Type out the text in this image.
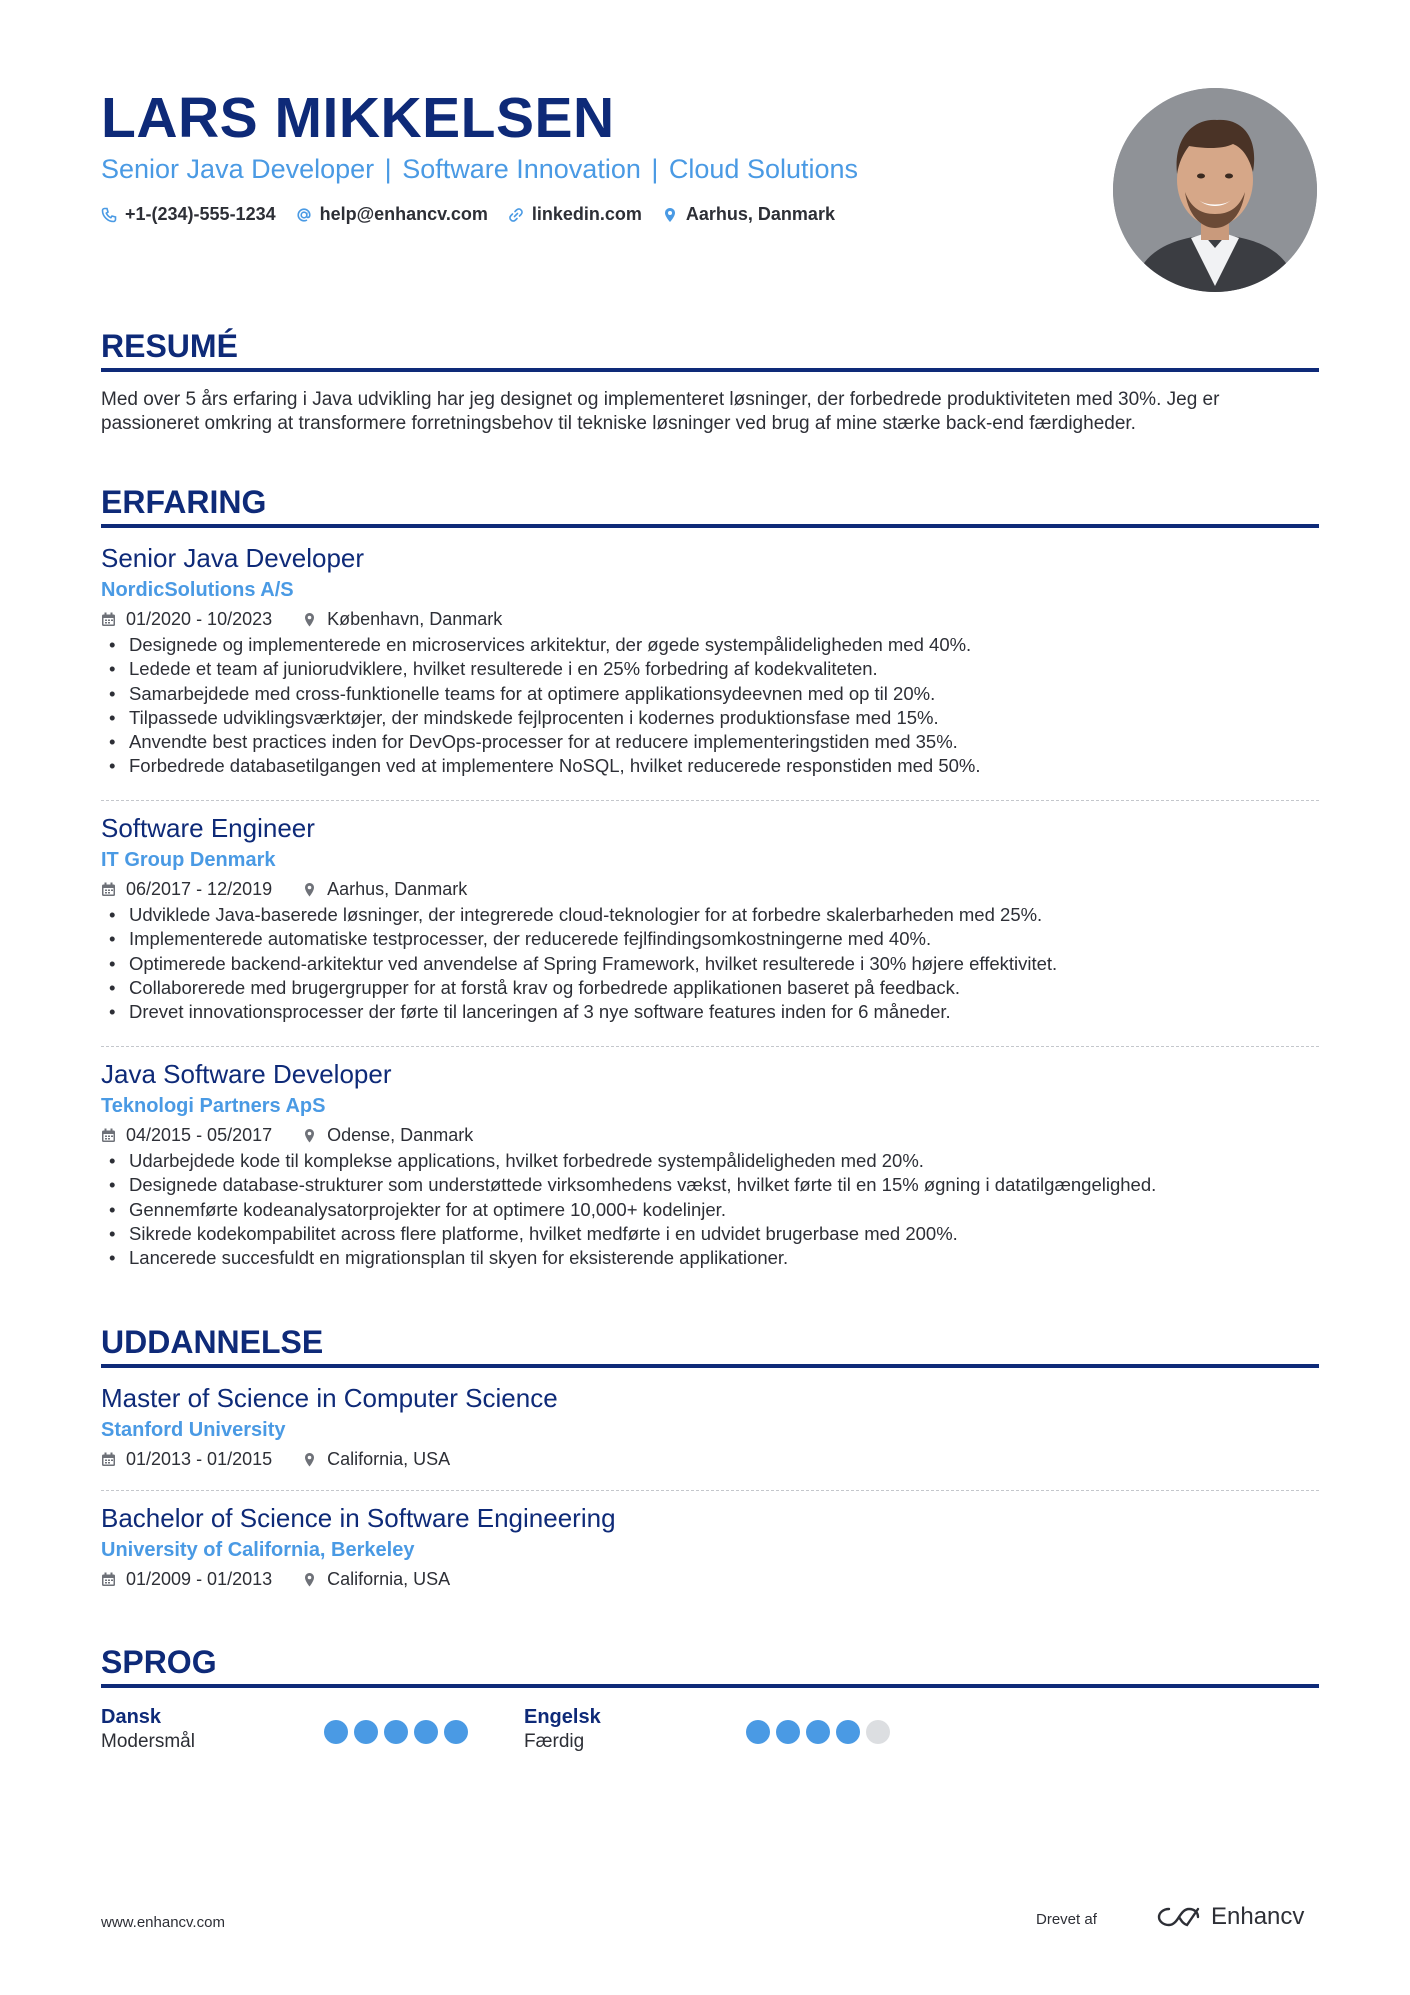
LARS MIKKELSEN
Senior Java Developer | Software Innovation | Cloud Solutions
+1-(234)-555-1234 help@enhancv.com linkedin.com Aarhus, Danmark
RESUMÉ
Med over 5 års erfaring i Java udvikling har jeg designet og implementeret løsninger, der forbedrede produktiviteten med 30%. Jeg er passioneret omkring at transformere forretningsbehov til tekniske løsninger ved brug af mine stærke back-end færdigheder.
ERFARING
Senior Java Developer
NordicSolutions A/S
01/2020 - 10/2023	København, Danmark
• Designede og implementerede en microservices arkitektur, der øgede systempålideligheden med 40%.
• Ledede et team af juniorudviklere, hvilket resulterede i en 25% forbedring af kodekvaliteten.
• Samarbejdede med cross-funktionelle teams for at optimere applikationsydeevnen med op til 20%.
• Tilpassede udviklingsværktøjer, der mindskede fejlprocenten i kodernes produktionsfase med 15%.
• Anvendte best practices inden for DevOps-processer for at reducere implementeringstiden med 35%.
• Forbedrede databasetilgangen ved at implementere NoSQL, hvilket reducerede responstiden med 50%.
Software Engineer
IT Group Denmark
06/2017 - 12/2019	Aarhus, Danmark
• Udviklede Java-baserede løsninger, der integrerede cloud-teknologier for at forbedre skalerbarheden med 25%.
• Implementerede automatiske testprocesser, der reducerede fejlfindingsomkostningerne med 40%.
• Optimerede backend-arkitektur ved anvendelse af Spring Framework, hvilket resulterede i 30% højere effektivitet.
• Collaborerede med brugergrupper for at forstå krav og forbedrede applikationen baseret på feedback.
• Drevet innovationsprocesser der førte til lanceringen af 3 nye software features inden for 6 måneder.
Java Software Developer
Teknologi Partners ApS
04/2015 - 05/2017	Odense, Danmark
• Udarbejdede kode til komplekse applications, hvilket forbedrede systempålideligheden med 20%.
• Designede database-strukturer som understøttede virksomhedens vækst, hvilket førte til en 15% øgning i datatilgængelighed.
• Gennemførte kodeanalysatorprojekter for at optimere 10,000+ kodelinjer.
• Sikrede kodekompabilitet across flere platforme, hvilket medførte i en udvidet brugerbase med 200%.
• Lancerede succesfuldt en migrationsplan til skyen for eksisterende applikationer.
UDDANNELSE
Master of Science in Computer Science
Stanford University
01/2013 - 01/2015	California, USA
Bachelor of Science in Software Engineering
University of California, Berkeley
01/2009 - 01/2013	California, USA
SPROG
Dansk
Modersmål
Engelsk
Færdig
www.enhancv.com	Drevet af	Enhancv
